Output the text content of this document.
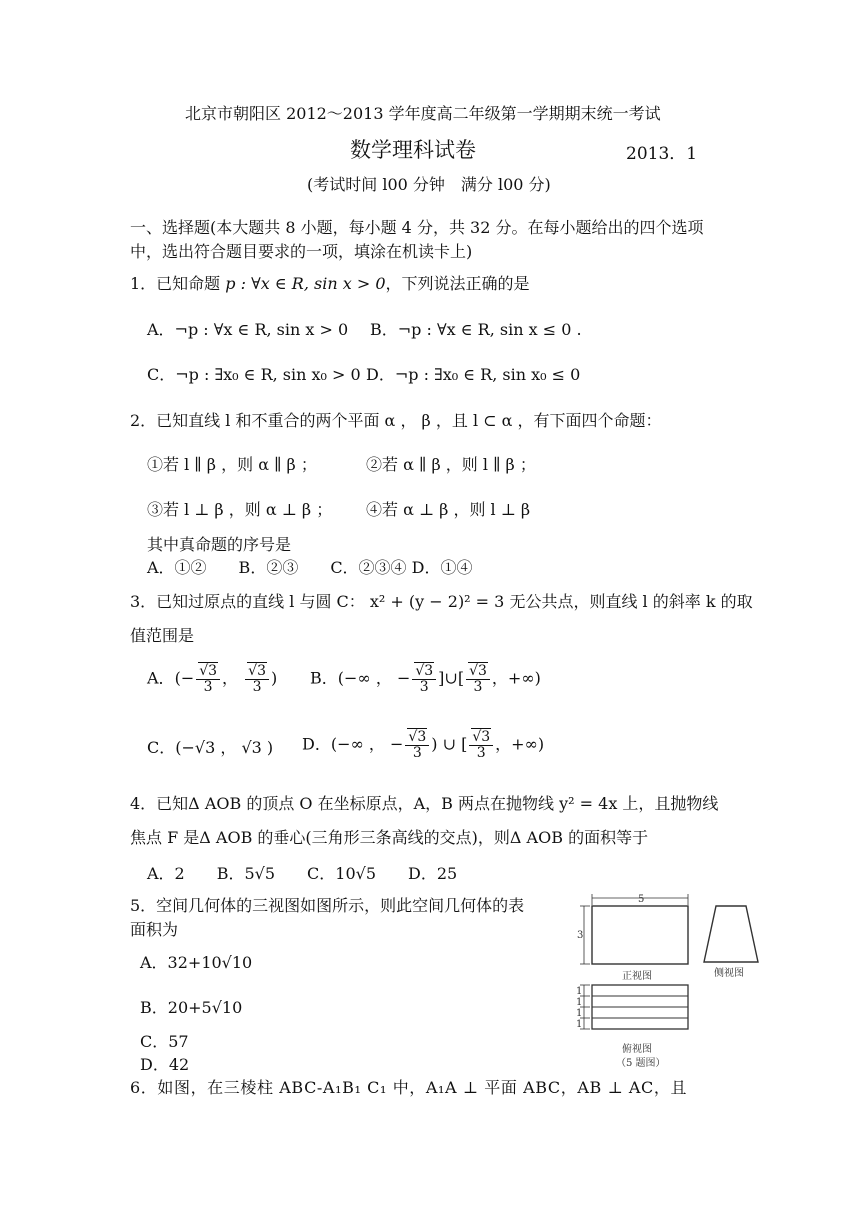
北京市朝阳区 2012～2013 学年度高二年级第一学期期末统一考试
数学理科试卷	2013．1
(考试时间 l00 分钟　满分 l00 分)
一、选择题(本大题共 8 小题，每小题 4 分，共 32 分。在每小题给出的四个选项中，选出符合题目要求的一项，填涂在机读卡上)
1．已知命题 p : ∀x ∈ R, sin x > 0，下列说法正确的是
A．¬p : ∀x ∈ R, sin x > 0 B．¬p : ∀x ∈ R, sin x ≤ 0 .
C．¬p : ∃x₀ ∈ R, sin x₀ > 0 D．¬p : ∃x₀ ∈ R, sin x₀ ≤ 0
2．已知直线 l 和不重合的两个平面 α ， β ，且 l ⊂ α ，有下面四个命题：
①若 l ∥ β ，则 α ∥ β ；	②若 α ∥ β ，则 l ∥ β ；
③若 l ⊥ β ，则 α ⊥ β ； ④若 α ⊥ β ，则 l ⊥ β
其中真命题的序号是
A．①②　　B．②③　　C．②③④ D．①④
3．已知过原点的直线 l 与圆 C： x² + (y − 2)² = 3 无公共点，则直线 l 的斜率 k 的取
值范围是
A．(− $\frac{√3}{3}$ ， $\frac{√3}{3}$ ) B．(−∞ ， − $\frac{√3}{3}$ ]∪[ $\frac{√3}{3}$ ，+∞)
C．(−√3 ， √3 ) D．(−∞ ， − $\frac{√3}{3}$ ) ∪ [ $\frac{√3}{3}$ ，+∞)
4．已知Δ AOB 的顶点 O 在坐标原点，A，B 两点在抛物线 y² = 4x 上，且抛物线
焦点 F 是Δ AOB 的垂心(三角形三条高线的交点)，则Δ AOB 的面积等于
A．2　　B．5√5　　C．10√5　　D．25
5．空间几何体的三视图如图所示，则此空间几何体的表
面积为
A．32+10√10
B．20+5√10
C．57
D．42
5
3
正视图	侧视图
1
1
1
1
俯视图
（5 题图）
6．如图，在三棱柱 ABC-A₁B₁ C₁ 中，A₁A ⊥ 平面 ABC，AB ⊥ AC，且
